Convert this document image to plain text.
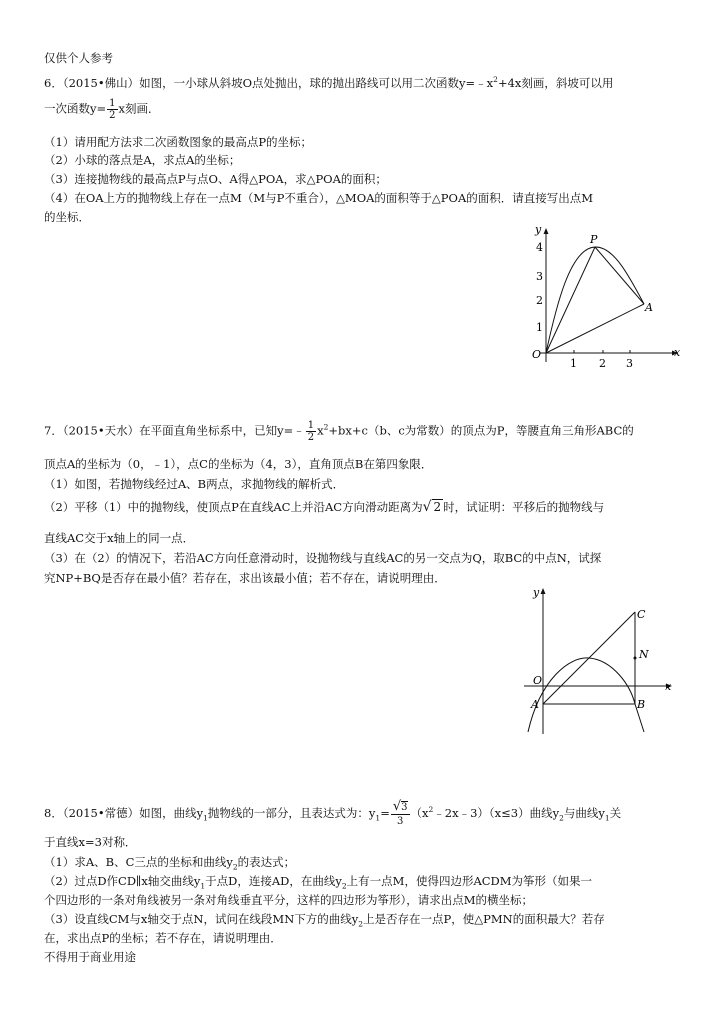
仅供个人参考
6．（2015•佛山）如图，一小球从斜坡O点处抛出，球的抛出路线可以用二次函数$y=﹣x^2+4x$刻画，斜坡可以用
一次函数$y= \frac{1}{2}$ x刻画．
（1）请用配方法求二次函数图象的最高点P的坐标；
（2）小球的落点是A，求点A的坐标；
（3）连接抛物线的最高点P与点O、A得△POA，求△POA的面积；
（4）在OA上方的抛物线上存在一点M（M与P不重合），△MOA的面积等于△POA的面积．请直接写出点M
的坐标．
y
x
O
4
3
2
1
1 2 3
P
A
7．（2015•天水）在平面直角坐标系中，已知y=﹣ $\frac{1}{2} x^2+bx+c(b$、c为常数）的顶点为P，等腰直角三角形ABC的
顶点A的坐标为（0，﹣1），点C的坐标为（4，3），直角顶点B在第四象限．
（1）如图，若抛物线经过A、B两点，求抛物线的解析式．
（2）平移（1）中的抛物线，使顶点P在直线AC上并沿AC方向滑动距离为√ 2 时，试证明：平移后的抛物线与
直线AC交于x轴上的同一点．
（3）在（2）的情况下，若沿AC方向任意滑动时，设抛物线与直线AC的另一交点为Q，取BC的中点N，试探
究NP+BQ是否存在最小值？若存在，求出该最小值；若不存在，请说明理由．
y
x
O
A	B
C
N
8．（2015•常德）如图，曲线$y_1$抛物线的一部分，且表达式为：$y_1= \frac{√3}{3}$ $(x^2﹣2x﹣3)(x\le 3)$曲线$y_2$与曲线$y_1$关
于直线x=3对称．
（1）求A、B、C三点的坐标和曲线$y_2$的表达式；
（2）过点D作CD∥x轴交曲线$y_1$于点D，连接AD，在曲线$y_2$上有一点M，使得四边形ACDM为筝形（如果一
个四边形的一条对角线被另一条对角线垂直平分，这样的四边形为筝形），请求出点M的横坐标；
（3）设直线CM与x轴交于点N，试问在线段MN下方的曲线$y_2$上是否存在一点P，使△PMN的面积最大？若存
在，求出点P的坐标；若不存在，请说明理由．
不得用于商业用途
